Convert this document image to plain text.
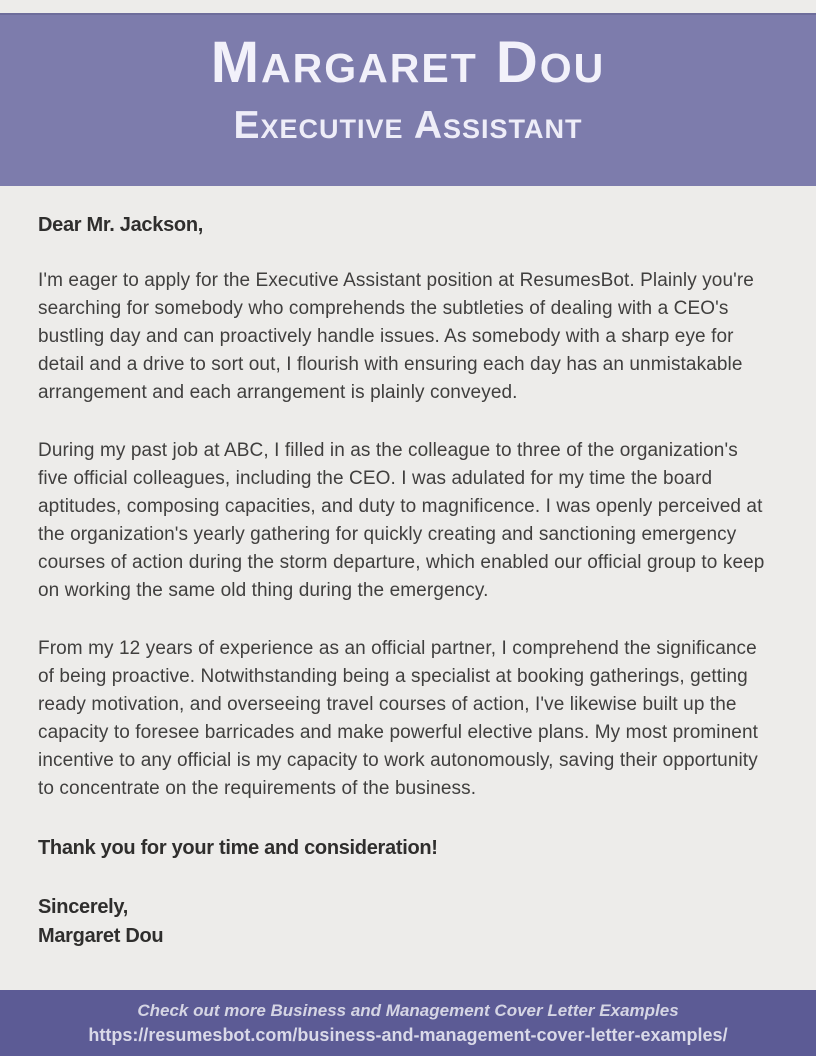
Margaret Dou
Executive Assistant
Dear Mr. Jackson,

I'm eager to apply for the Executive Assistant position at ResumesBot. Plainly you're searching for somebody who comprehends the subtleties of dealing with a CEO's bustling day and can proactively handle issues. As somebody with a sharp eye for detail and a drive to sort out, I flourish with ensuring each day has an unmistakable arrangement and each arrangement is plainly conveyed.

During my past job at ABC, I filled in as the colleague to three of the organization's five official colleagues, including the CEO. I was adulated for my time the board aptitudes, composing capacities, and duty to magnificence. I was openly perceived at the organization's yearly gathering for quickly creating and sanctioning emergency courses of action during the storm departure, which enabled our official group to keep on working the same old thing during the emergency.

From my 12 years of experience as an official partner, I comprehend the significance of being proactive. Notwithstanding being a specialist at booking gatherings, getting ready motivation, and overseeing travel courses of action, I've likewise built up the capacity to foresee barricades and make powerful elective plans. My most prominent incentive to any official is my capacity to work autonomously, saving their opportunity to concentrate on the requirements of the business.

Thank you for your time and consideration!
Sincerely,
Margaret Dou

Check out more Business and Management Cover Letter Examples

https://resumesbot.com/business-and-management-cover-letter-examples/
